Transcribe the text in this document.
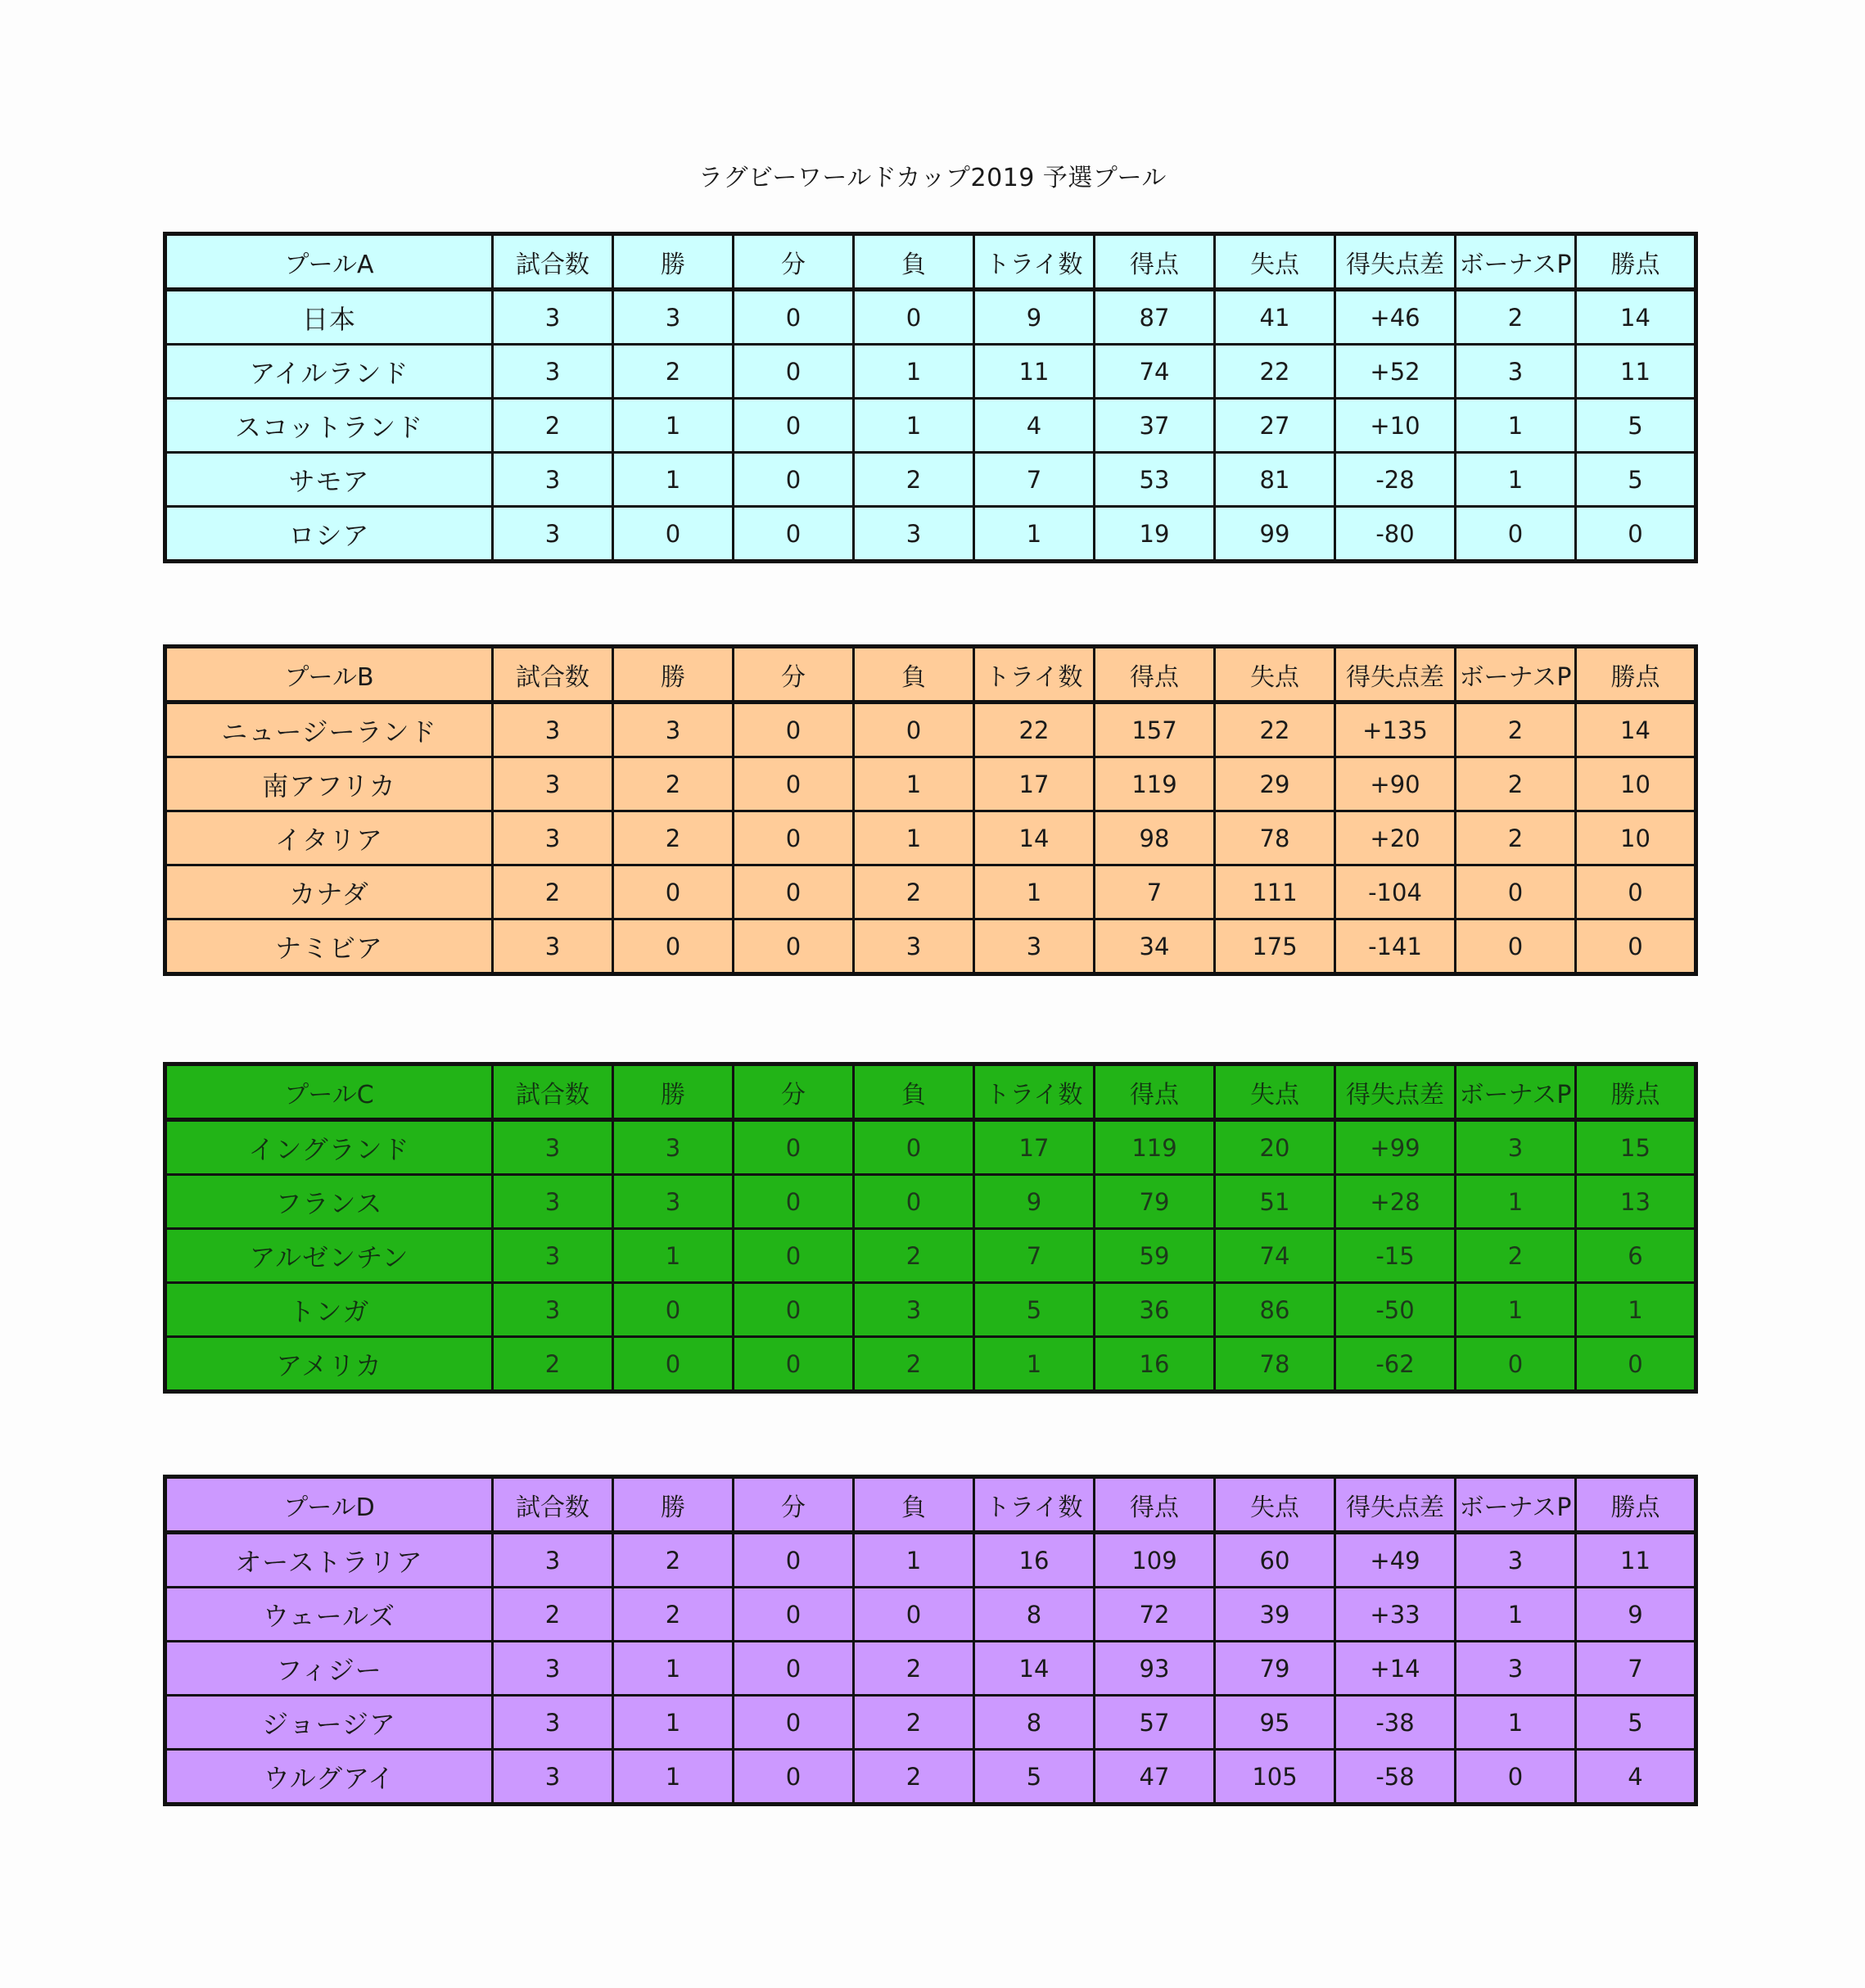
ラグビーワールドカップ2019 予選プール
プールA	試合数	勝	分	負	トライ数	得点	失点	得失点差	ボーナスP	勝点
日本	3	3	0	0	9	87	41	+46	2	14
アイルランド	3	2	0	1	11	74	22	+52	3	11
スコットランド	2	1	0	1	4	37	27	+10	1	5
サモア	3	1	0	2	7	53	81	-28	1	5
ロシア	3	0	0	3	1	19	99	-80	0	0
プールB	試合数	勝	分	負	トライ数	得点	失点	得失点差	ボーナスP	勝点
ニュージーランド	3	3	0	0	22	157	22	+135	2	14
南アフリカ	3	2	0	1	17	119	29	+90	2	10
イタリア	3	2	0	1	14	98	78	+20	2	10
カナダ	2	0	0	2	1	7	111	-104	0	0
ナミビア	3	0	0	3	3	34	175	-141	0	0
プールC	試合数	勝	分	負	トライ数	得点	失点	得失点差	ボーナスP	勝点
イングランド	3	3	0	0	17	119	20	+99	3	15
フランス	3	3	0	0	9	79	51	+28	1	13
アルゼンチン	3	1	0	2	7	59	74	-15	2	6
トンガ	3	0	0	3	5	36	86	-50	1	1
アメリカ	2	0	0	2	1	16	78	-62	0	0
プールD	試合数	勝	分	負	トライ数	得点	失点	得失点差	ボーナスP	勝点
オーストラリア	3	2	0	1	16	109	60	+49	3	11
ウェールズ	2	2	0	0	8	72	39	+33	1	9
フィジー	3	1	0	2	14	93	79	+14	3	7
ジョージア	3	1	0	2	8	57	95	-38	1	5
ウルグアイ	3	1	0	2	5	47	105	-58	0	4
